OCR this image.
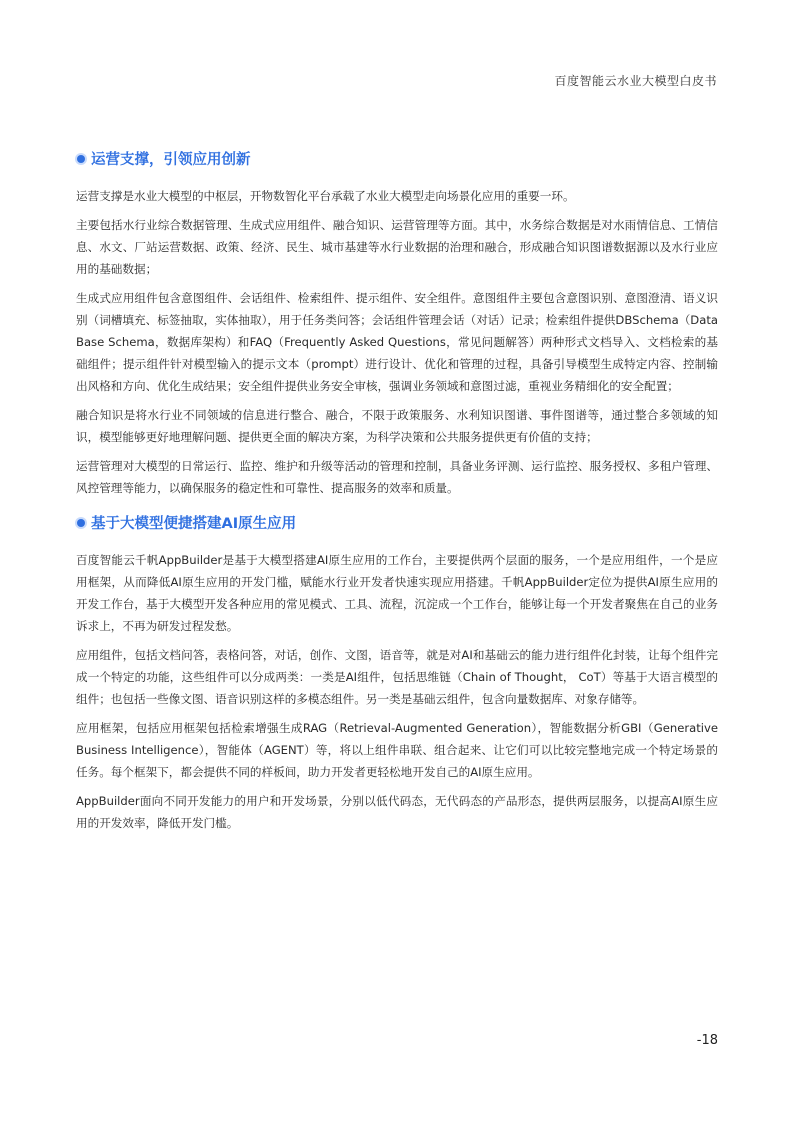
百度智能云水业大模型白皮书
运营支撑，引领应用创新

运营支撑是水业大模型的中枢层，开物数智化平台承载了水业大模型走向场景化应用的重要一环。

主要包括水行业综合数据管理、生成式应用组件、融合知识、运营管理等方面。其中，水务综合数据是对水雨情信息、工情信息、水文、厂站运营数据、政策、经济、民生、城市基建等水行业数据的治理和融合，形成融合知识图谱数据源以及水行业应用的基础数据；

生成式应用组件包含意图组件、会话组件、检索组件、提示组件、安全组件。意图组件主要包含意图识别、意图澄清、语义识别（词槽填充、标签抽取，实体抽取），用于任务类问答；会话组件管理会话（对话）记录；检索组件提供DBSchema（Data Base Schema，数据库架构）和FAQ（Frequently Asked Questions，常见问题解答）两种形式文档导入、文档检索的基础组件；提示组件针对模型输入的提示文本（prompt）进行设计、优化和管理的过程，具备引导模型生成特定内容、控制输出风格和方向、优化生成结果；安全组件提供业务安全审核，强调业务领域和意图过滤，重视业务精细化的安全配置；

融合知识是将水行业不同领域的信息进行整合、融合，不限于政策服务、水利知识图谱、事件图谱等，通过整合多领域的知识，模型能够更好地理解问题、提供更全面的解决方案，为科学决策和公共服务提供更有价值的支持；

运营管理对大模型的日常运行、监控、维护和升级等活动的管理和控制，具备业务评测、运行监控、服务授权、多租户管理、风控管理等能力，以确保服务的稳定性和可靠性、提高服务的效率和质量。

基于大模型便捷搭建AI原生应用

百度智能云千帆AppBuilder是基于大模型搭建AI原生应用的工作台，主要提供两个层面的服务，一个是应用组件，一个是应用框架，从而降低AI原生应用的开发门槛，赋能水行业开发者快速实现应用搭建。千帆AppBuilder定位为提供AI原生应用的开发工作台，基于大模型开发各种应用的常见模式、工具、流程，沉淀成一个工作台，能够让每一个开发者聚焦在自己的业务诉求上，不再为研发过程发愁。

应用组件，包括文档问答，表格问答，对话，创作、文图，语音等，就是对AI和基础云的能力进行组件化封装，让每个组件完成一个特定的功能，这些组件可以分成两类：一类是AI组件，包括思维链（Chain of Thought， CoT）等基于大语言模型的组件；也包括一些像文图、语音识别这样的多模态组件。另一类是基础云组件，包含向量数据库、对象存储等。

应用框架，包括应用框架包括检索增强生成RAG（Retrieval-Augmented Generation），智能数据分析GBI（Generative Business Intelligence），智能体（AGENT）等，将以上组件串联、组合起来、让它们可以比较完整地完成一个特定场景的任务。每个框架下，都会提供不同的样板间，助力开发者更轻松地开发自己的AI原生应用。

AppBuilder面向不同开发能力的用户和开发场景，分别以低代码态，无代码态的产品形态，提供两层服务，以提高AI原生应用的开发效率，降低开发门槛。

-18
